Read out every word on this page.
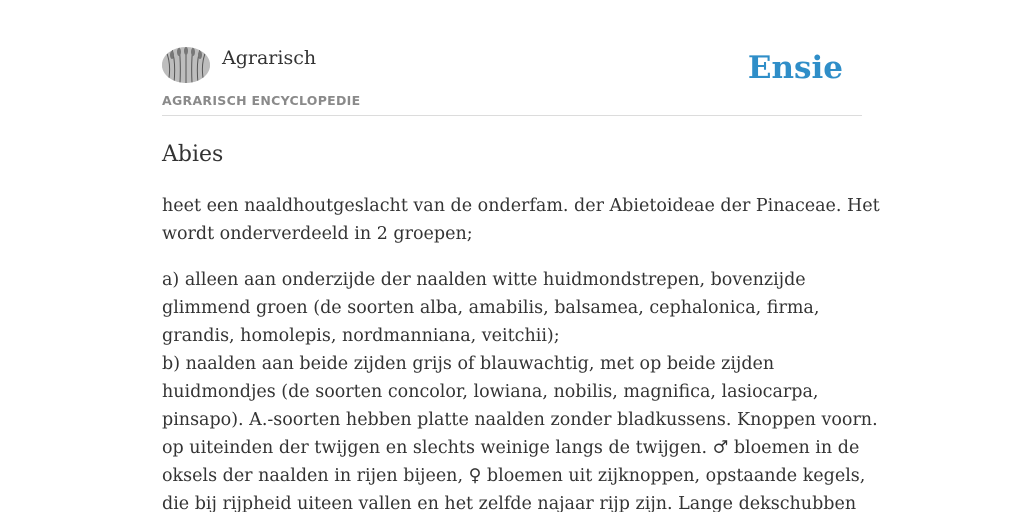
Agrarisch
AGRARISCH ENCYCLOPEDIE
Ensie
Abies

heet een naaldhoutgeslacht van de onderfam. der Abietoideae der Pinaceae. Het

wordt onderverdeeld in 2 groepen;

a) alleen aan onderzijde der naalden witte huidmondstrepen, bovenzijde

glimmend groen (de soorten alba, amabilis, balsamea, cephalonica, firma,

grandis, homolepis, nordmanniana, veitchii);

b) naalden aan beide zijden grijs of blauwachtig, met op beide zijden

huidmondjes (de soorten concolor, lowiana, nobilis, magnifica, lasiocarpa,

pinsapo). A.-soorten hebben platte naalden zonder bladkussens. Knoppen voorn.

op uiteinden der twijgen en slechts weinige langs de twijgen. ♂ bloemen in de

oksels der naalden in rijen bijeen, ♀ bloemen uit zijknoppen, opstaande kegels,

die bij rijpheid uiteen vallen en het zelfde najaar rijp zijn. Lange dekschubben
